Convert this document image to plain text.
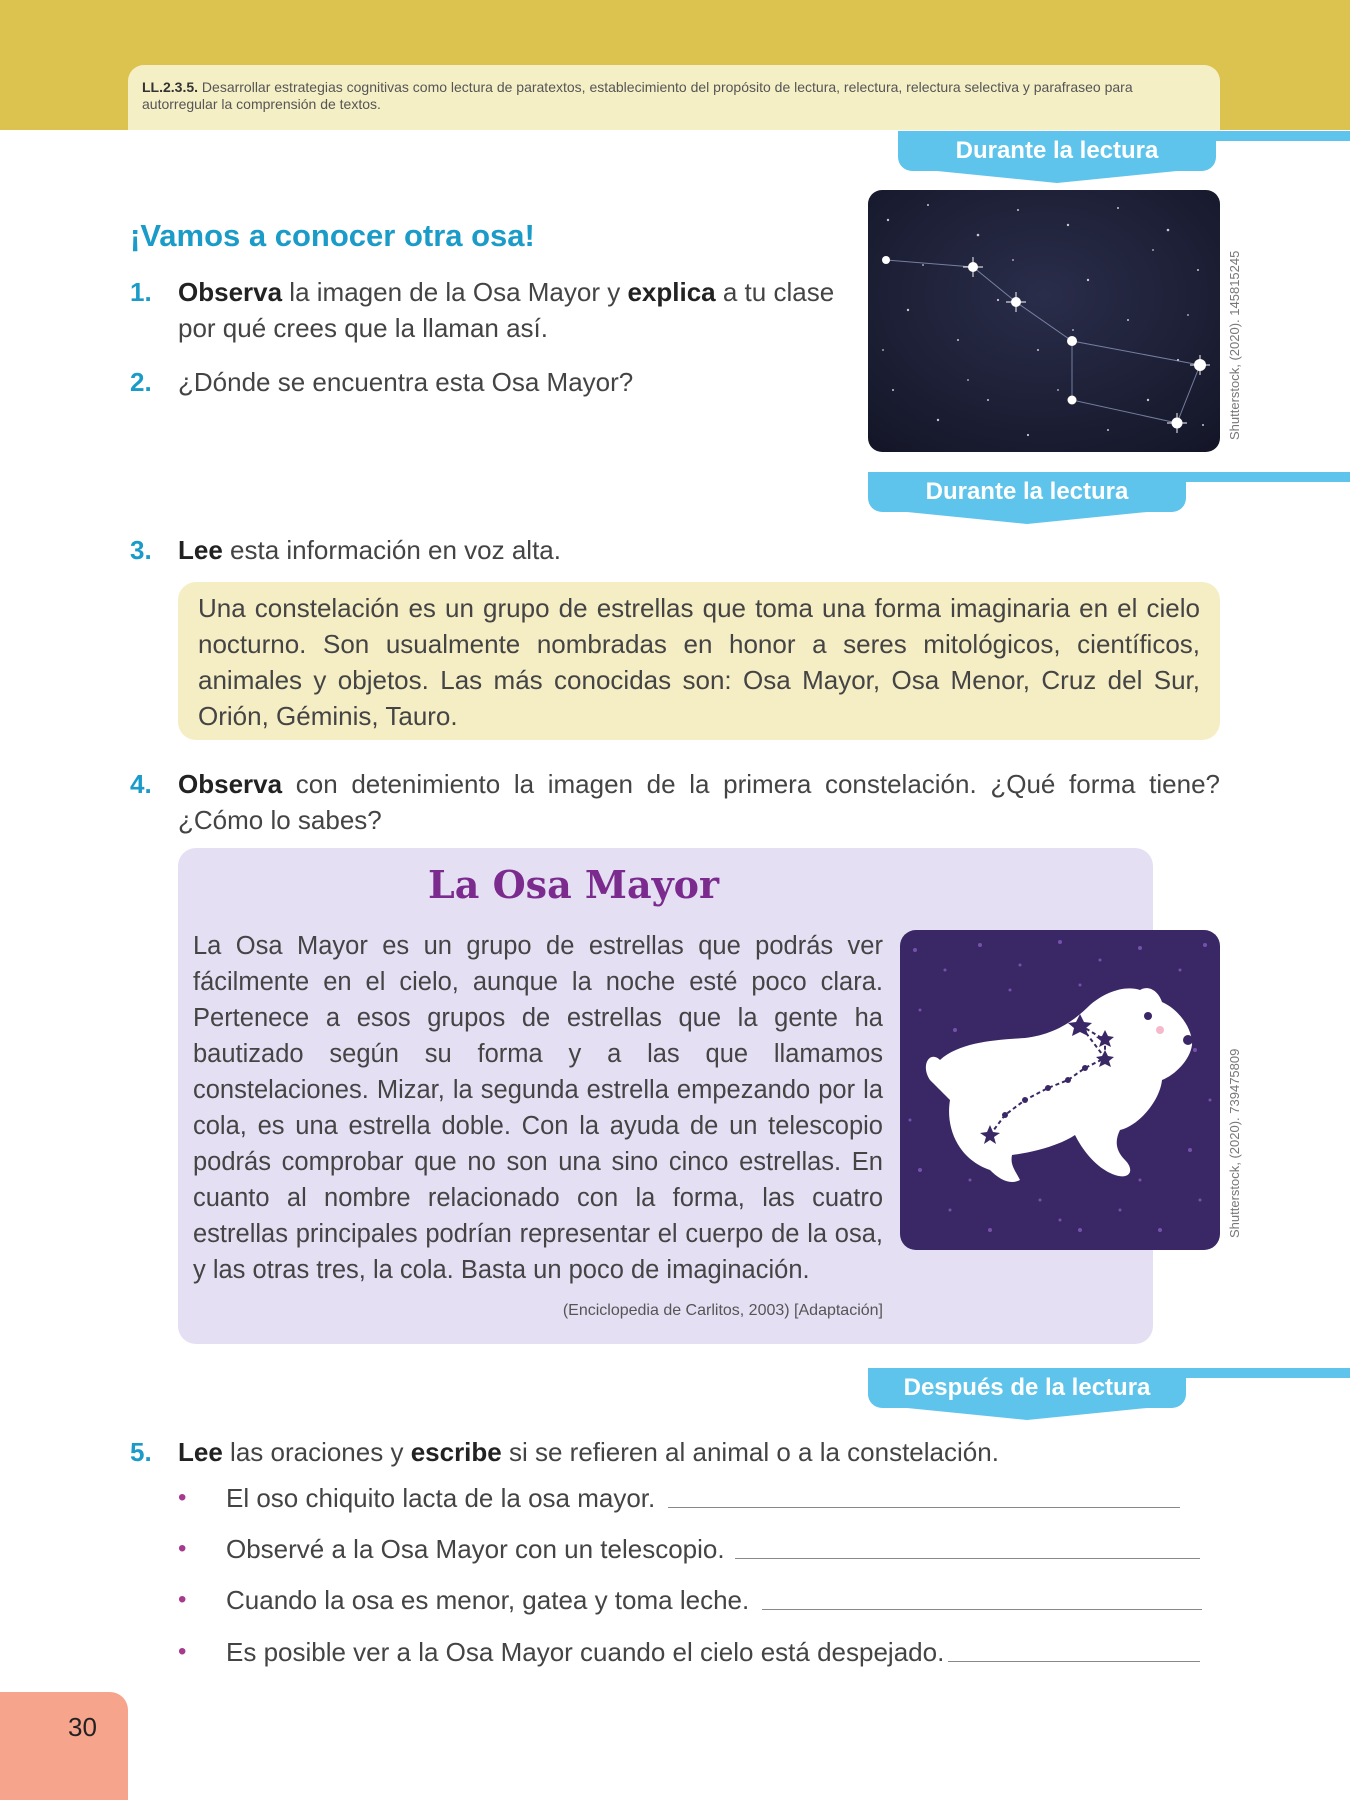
LL.2.3.5. Desarrollar estrategias cognitivas como lectura de paratextos, establecimiento del propósito de lectura, relectura, relectura selectiva y parafraseo para autorregular la comprensión de textos.
Durante la lectura
¡Vamos a conocer otra osa!
1. Observa la imagen de la Osa Mayor y explica a tu clase
por qué crees que la llaman así.
2. ¿Dónde se encuentra esta Osa Mayor?	Shutterstock, (2020). 145815245
Durante la lectura
3. Lee esta información en voz alta.
Una constelación es un grupo de estrellas que toma una forma imaginaria en el cielo nocturno. Son usualmente nombradas en honor a seres mitológicos, científicos, animales y objetos. Las más conocidas son: Osa Mayor, Osa Menor, Cruz del Sur, Orión, Géminis, Tauro.
4. Observa con detenimiento la imagen de la primera constelación. ¿Qué forma tiene? ¿Cómo lo sabes?
La Osa Mayor
La Osa Mayor es un grupo de estrellas que podrás ver fácilmente en el cielo, aunque la noche esté poco clara. Pertenece a esos grupos de estrellas que la gente ha bautizado según su forma y a las que llamamos constelaciones. Mizar, la segunda estrella empezando por la cola, es una estrella doble. Con la ayuda de un telescopio podrás comprobar que no son una sino cinco estrellas. En cuanto al nombre relacionado con la forma, las cuatro estrellas principales podrían representar el cuerpo de la osa, y las otras tres, la cola. Basta un poco de imaginación.
(Enciclopedia de Carlitos, 2003) [Adaptación]
Shutterstock, (2020). 739475809
Después de la lectura
5. Lee las oraciones y escribe si se refieren al animal o a la constelación.
• El oso chiquito lacta de la osa mayor.
• Observé a la Osa Mayor con un telescopio.
• Cuando la osa es menor, gatea y toma leche.
• Es posible ver a la Osa Mayor cuando el cielo está despejado.
30
